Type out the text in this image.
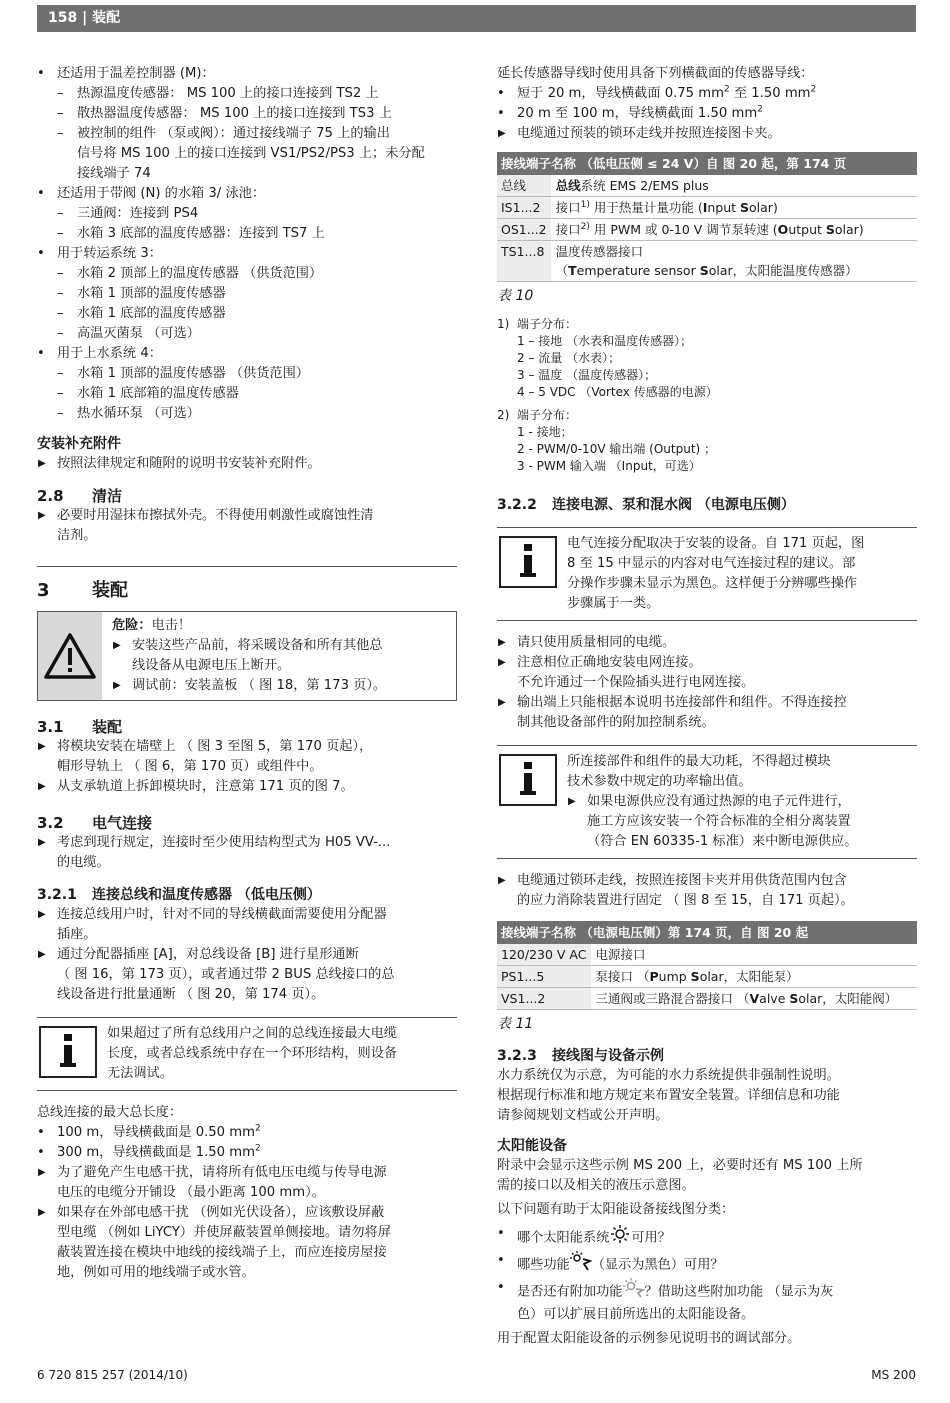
158 | 装配
• 还适用于温差控制器 (M)：
– 热源温度传感器： MS 100 上的接口连接到 TS2 上
– 散热器温度传感器： MS 100 上的接口连接到 TS3 上
– 被控制的组件 （泵或阀）：通过接线端子 75 上的输出
信号将 MS 100 上的接口连接到 VS1/PS2/PS3 上；未分配
接线端子 74
• 还适用于带阀 (N) 的水箱 3/ 泳池：
– 三通阀：连接到 PS4
– 水箱 3 底部的温度传感器：连接到 TS7 上
• 用于转运系统 3：
– 水箱 2 顶部上的温度传感器 （供货范围）
– 水箱 1 顶部的温度传感器
– 水箱 1 底部的温度传感器
– 高温灭菌泵 （可选）
• 用于上水系统 4：
– 水箱 1 顶部的温度传感器 （供货范围）
– 水箱 1 底部箱的温度传感器
– 热水循环泵 （可选）
安装补充附件
▶ 按照法律规定和随附的说明书安装补充附件。
2.8 清洁
▶ 必要时用湿抹布擦拭外壳。不得使用刺激性或腐蚀性清
洁剂。
3 装配
危险：电击！
▶ 安装这些产品前，将采暖设备和所有其他总
线设备从电源电压上断开。
▶ 调试前：安装盖板 （ 图 18，第 173 页）。
3.1 装配
▶ 将模块安装在墙壁上 （ 图 3 至图 5，第 170 页起），
帽形导轨上 （ 图 6，第 170 页）或组件中。
▶ 从支承轨道上拆卸模块时，注意第 171 页的图 7。
3.2 电气连接
▶ 考虑到现行规定，连接时至少使用结构型式为 H05 VV-...
的电缆。
3.2.1 连接总线和温度传感器 （低电压侧）
▶ 连接总线用户时，针对不同的导线横截面需要使用分配器
插座。
▶ 通过分配器插座 [A]，对总线设备 [B] 进行星形通断
（ 图 16，第 173 页），或者通过带 2 BUS 总线接口的总
线设备进行批量通断 （ 图 20，第 174 页）。
如果超过了所有总线用户之间的总线连接最大电缆
长度，或者总线系统中存在一个环形结构，则设备
无法调试。
总线连接的最大总长度：
• 100 m，导线横截面是 0.50 $mm^2$
• 300 m，导线横截面是 1.50 $mm^2$
▶ 为了避免产生电感干扰，请将所有低电压电缆与传导电源
电压的电缆分开铺设 （最小距离 100 mm）。
▶ 如果存在外部电感干扰 （例如光伏设备），应该敷设屏蔽
型电缆 （例如 LiYCY）并使屏蔽装置单侧接地。请勿将屏
蔽装置连接在模块中地线的接线端子上，而应连接房屋接
地，例如可用的地线端子或水管。
延长传感器导线时使用具备下列横截面的传感器导线：
• 短于 20 m，导线横截面 0.75 $mm^2$ 至 1.50 $mm^2$
• 20 m 至 100 m，导线横截面 1.50 $mm^2$
▶ 电缆通过预装的锁环走线并按照连接图卡夹。
接线端子名称 （低电压侧 ≤ 24 V）自 图 20 起，第 174 页	
总线	总线系统 EMS 2/EMS plus
IS1...2	接口$^{1)}$ 用于热量计量功能 (Input Solar)
OS1...2	接口$^{2)}$ 用 PWM 或 0-10 V 调节泵转速 (Output Solar)
TS1...8	温度传感器接口
（Temperature sensor Solar，太阳能温度传感器）
表 10
1) 端子分布：
1 – 接地 （水表和温度传感器）；
2 – 流量 （水表）；
3 – 温度 （温度传感器）；
4 – 5 VDC （Vortex 传感器的电源）
2) 端子分布：
1 - 接地；
2 - PWM/0-10V 输出端 (Output) ；
3 - PWM 输入端 （Input，可选）
3.2.2 连接电源、泵和混水阀 （电源电压侧）
电气连接分配取决于安装的设备。自 171 页起，图
8 至 15 中显示的内容对电气连接过程的建议。部
分操作步骤未显示为黑色。这样便于分辨哪些操作
步骤属于一类。
▶ 请只使用质量相同的电缆。
▶ 注意相位正确地安装电网连接。
不允许通过一个保险插头进行电网连接。
▶ 输出端上只能根据本说明书连接部件和组件。不得连接控
制其他设备部件的附加控制系统。
所连接部件和组件的最大功耗，不得超过模块
技术参数中规定的功率输出值。
▶ 如果电源供应没有通过热源的电子元件进行，
施工方应该安装一个符合标准的全相分离装置
（符合 EN 60335-1 标准）来中断电源供应。
▶ 电缆通过锁环走线，按照连接图卡夹并用供货范围内包含
的应力消除装置进行固定 （ 图 8 至 15，自 171 页起）。
接线端子名称 （电源电压侧）第 174 页，自 图 20 起	
120/230 V AC	电源接口
PS1...5	泵接口 （Pump Solar，太阳能泵）
VS1...2	三通阀或三路混合器接口 （Valve Solar，太阳能阀）
表 11
3.2.3 接线图与设备示例
水力系统仅为示意，为可能的水力系统提供非强制性说明。
根据现行标准和地方规定来布置安全装置。详细信息和功能
请参阅规划文档或公开声明。
太阳能设备
附录中会显示这些示例 MS 200 上，必要时还有 MS 100 上所
需的接口以及相关的液压示意图。
以下问题有助于太阳能设备接线图分类：
• 哪个太阳能系统 可用？
• 哪些功能 （显示为黑色）可用？
• 是否还有附加功能 ？借助这些附加功能 （显示为灰
色）可以扩展目前所选出的太阳能设备。
用于配置太阳能设备的示例参见说明书的调试部分。
6 720 815 257 (2014/10)	MS 200
